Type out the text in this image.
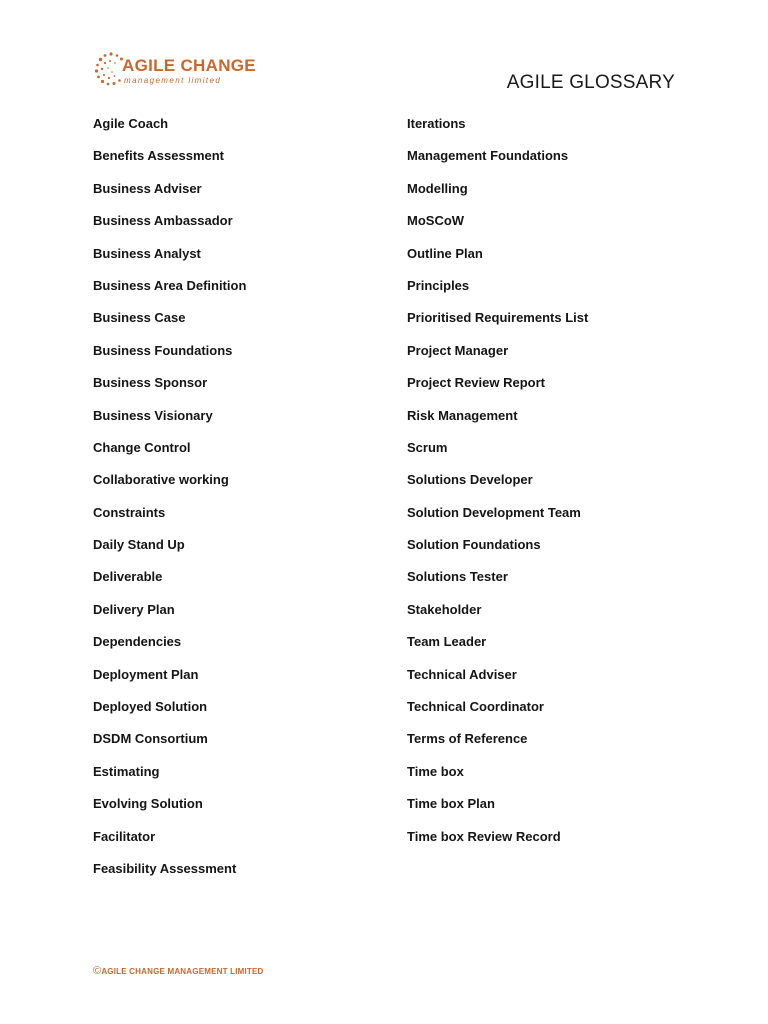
AGILE CHANGE
management limited	AGILE GLOSSARY
Agile Coach
Benefits Assessment
Business Adviser
Business Ambassador
Business Analyst
Business Area Definition
Business Case
Business Foundations
Business Sponsor
Business Visionary
Change Control
Collaborative working
Constraints
Daily Stand Up
Deliverable
Delivery Plan
Dependencies
Deployment Plan
Deployed Solution
DSDM Consortium
Estimating
Evolving Solution
Facilitator
Feasibility Assessment
Iterations
Management Foundations
Modelling
MoSCoW
Outline Plan
Principles
Prioritised Requirements List
Project Manager
Project Review Report
Risk Management
Scrum
Solutions Developer
Solution Development Team
Solution Foundations
Solutions Tester
Stakeholder
Team Leader
Technical Adviser
Technical Coordinator
Terms of Reference
Time box
Time box Plan
Time box Review Record
©AGILE CHANGE MANAGEMENT LIMITED
